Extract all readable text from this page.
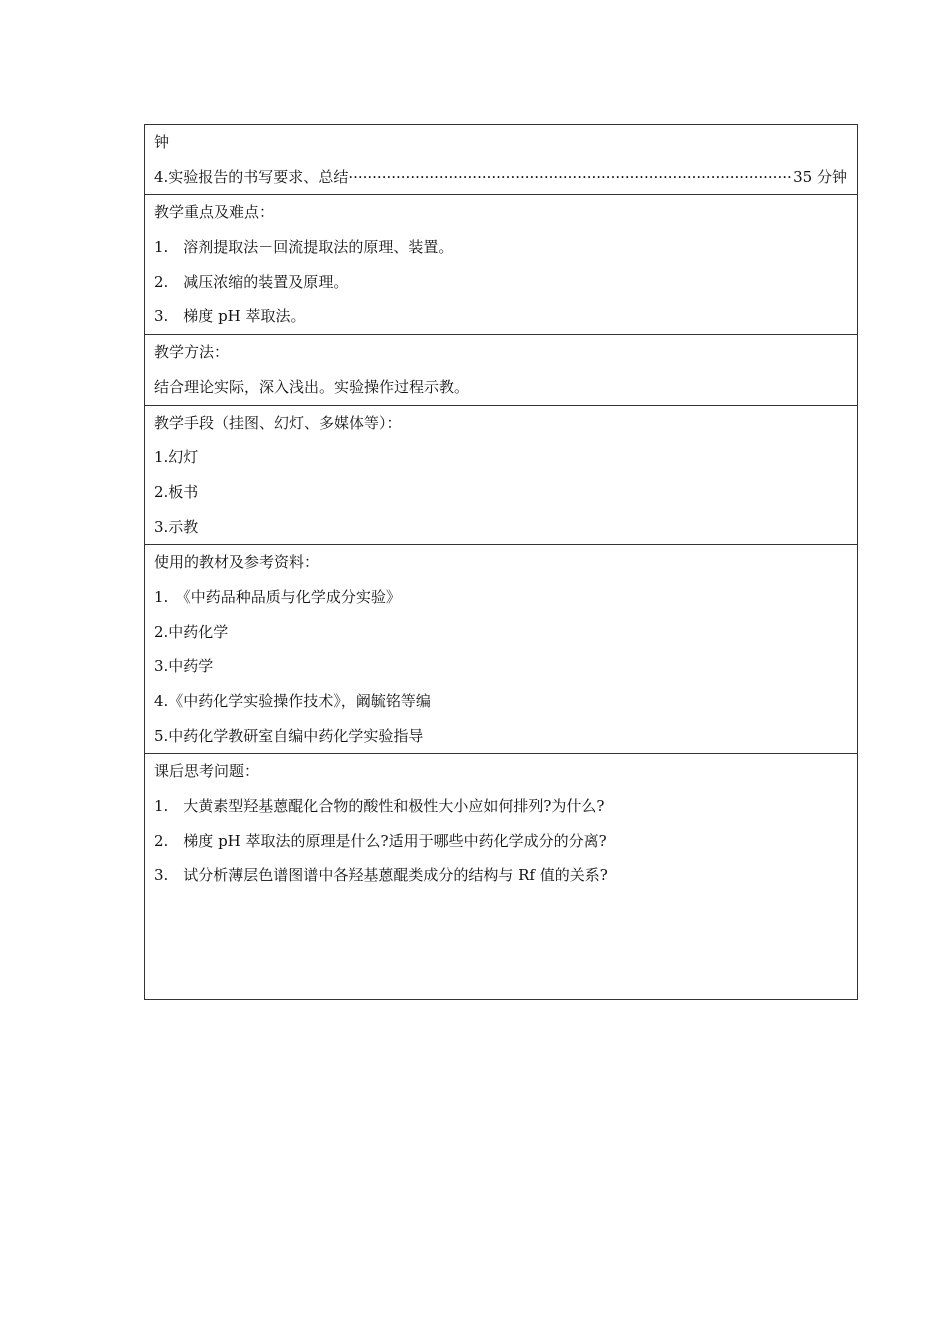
钟
4.实验报告的书写要求、总结
·····	35 分钟

教学重点及难点：
1.　溶剂提取法－回流提取法的原理、装置。
2.　减压浓缩的装置及原理。
3.　梯度 pH 萃取法。

教学方法：
结合理论实际，深入浅出。实验操作过程示教。

教学手段（挂图、幻灯、多媒体等）：
1.幻灯
2.板书
3.示教

使用的教材及参考资料：
1.　《中药品种品质与化学成分实验》
2.中药化学
3.中药学
4.《中药化学实验操作技术》，阚毓铭等编
5.中药化学教研室自编中药化学实验指导

课后思考问题：
1.　大黄素型羟基蒽醌化合物的酸性和极性大小应如何排列?为什么?
2.　梯度 pH 萃取法的原理是什么?适用于哪些中药化学成分的分离?
3.　试分析薄层色谱图谱中各羟基蒽醌类成分的结构与 Rf 值的关系?
